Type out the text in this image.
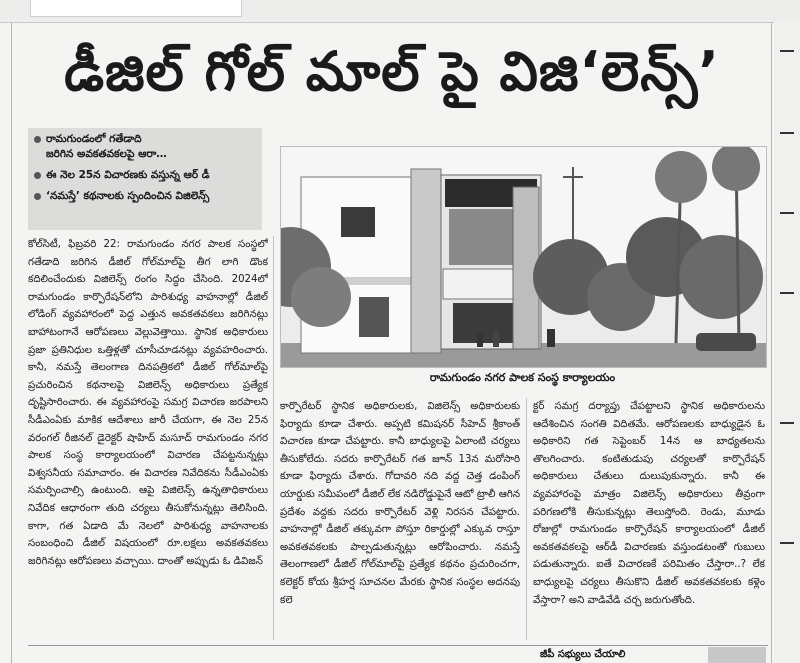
డీజిల్ గోల్ మాల్ పై విజి‘లెన్స్’
రామగుండంలో గతేడాది
జరిగిన అవకతవకలపై ఆరా…
ఈ నెల 25న విచారణకు వస్తున్న ఆర్ డీ
‘నమస్తే’ కథనాలకు స్పందించిన విజిలెన్స్
రామగుండం నగర పాలక సంస్థ కార్యాలయం

కోల్‌సిటీ, ఫిబ్రవరి 22: రామగుండం నగర పాలక సంస్థలో గతేడాది జరిగిన డీజిల్ గోల్‌మాల్‌పై తీగ లాగి డొంక కదిలించేందుకు విజిలెన్స్ రంగం సిద్ధం చేసింది. 2024లో రామగుండం కార్పొరేషన్‌లోని పారిశుధ్య వాహనాల్లో డీజిల్ లోడింగ్ వ్యవహారంలో పెద్ద ఎత్తున అవకతవకలు జరిగినట్లు బాహాటంగానే ఆరోపణలు వెల్లువెత్తాయి. స్థానిక అధికారులు ప్రజా ప్రతినిధుల ఒత్తిళ్లతో చూసీచూడనట్లు వ్యవహరించారు. కానీ, నమస్తే తెలంగాణ దినపత్రికలో డీజిల్ గోల్‌మాల్‌పై ప్రచురించిన కథనాలపై విజిలెన్స్ అధికారులు ప్రత్యేక దృష్టిసారించారు. ఈ వ్యవహారంపై సమగ్ర విచారణ జరపాలని సీడీఎంఏకు మాకిక ఆదేశాలు జారీ చేయగా, ఈ నెల 25న వరంగల్ రీజినల్ డైరెక్టర్ షాహిద్ మసూద్ రామగుండం నగర పాలక సంస్థ కార్యాలయంలో విచారణ చేపట్టనున్నట్లు విశ్వసనీయ సమాచారం. ఈ విచారణ నివేదికను సీడీఎంఏకు సమర్పించాల్సి ఉంటుంది. ఆపై విజిలెన్స్ ఉన్నతాధికారులు నివేదిక ఆధారంగా తుది చర్యలు తీసుకోనున్నట్లు తెలిసింది. కాగా, గత ఏడాది మే నెలలో పారిశుధ్య వాహనాలకు సంబంధించి డీజిల్ విషయంలో రూ.లక్షలు అవకతవకలు జరిగినట్లు ఆరోపణలు వచ్చాయి. దాంతో అప్పుడు ఓ డివిజన్

కార్పొరేటర్ స్థానిక అధికారులకు, విజిలెన్స్ అధికారులకు ఫిర్యాదు కూడా చేశారు. అప్పటి కమిషనర్ సీహెచ్ శ్రీకాంత్ విచారణ కూడా చేపట్టారు. కానీ బాధ్యులపై ఏలాంటి చర్యలు తీసుకోలేదు. సదరు కార్పొరేటర్ గత జూన్ 13న మరోసారి కూడా ఫిర్యాదు చేశారు. గోదావరి నది వద్ద చెత్త డంపింగ్ యార్డుకు సమీపంలో డీజిల్ లేక నడిరోడ్డుపైనే ఆటో ట్రాలీ ఆగిన ప్రదేశం వద్దకు సదరు కార్పొరేటర్ వెళ్లి నిరసన చేపట్టారు. వాహనాల్లో డీజిల్ తక్కువగా పోస్తూ రికార్డుల్లో ఎక్కువ రాస్తూ అవకతవకలకు పాల్పడుతున్నట్లు ఆరోపించారు. నమస్తే తెలంగాణలో డీజిల్ గోల్‌మాల్‌పై ప్రత్యేక కథనం ప్రచురించగా, కలెక్టర్ కోయ శ్రీహర్ష సూచనల మేరకు స్థానిక సంస్థల అదనపు కలె

క్టర్ సమగ్ర దర్యాప్తు చేపట్టాలని స్థానిక అధికారులను ఆదేశించిన సంగతి విదితమే. ఆరోపణలకు బాధ్యుడైన ఓ అధికారిని గత సెప్టెంబర్ 14న ఆ బాధ్యతలను తొలగించారు. కంటితుడుపు చర్యలతో కార్పొరేషన్ అధికారులు చేతులు దులుపుకున్నారు. కానీ ఈ వ్యవహారంపై మాత్రం విజిలెన్స్ అధికారులు తీవ్రంగా పరిగణలోకి తీసుకున్నట్లు తెలుస్తోంది. రెండు, మూడు రోజుల్లో రామగుండం కార్పొరేషన్ కార్యాలయంలో డీజిల్ అవకతవకలపై ఆర్‌డీ విచారణకు వస్తుండటంతో గుబులు పడుతున్నారు. ఐతే విచారణకే పరిమితం చేస్తారా..? లేక బాధ్యులపై చర్యలు తీసుకొని డీజిల్ అవకతవకలకు కళ్లెం వేస్తారా? అని వాడివేడి చర్చ జరుగుతోంది.

జీపీ సభ్యులు చేయాలి
